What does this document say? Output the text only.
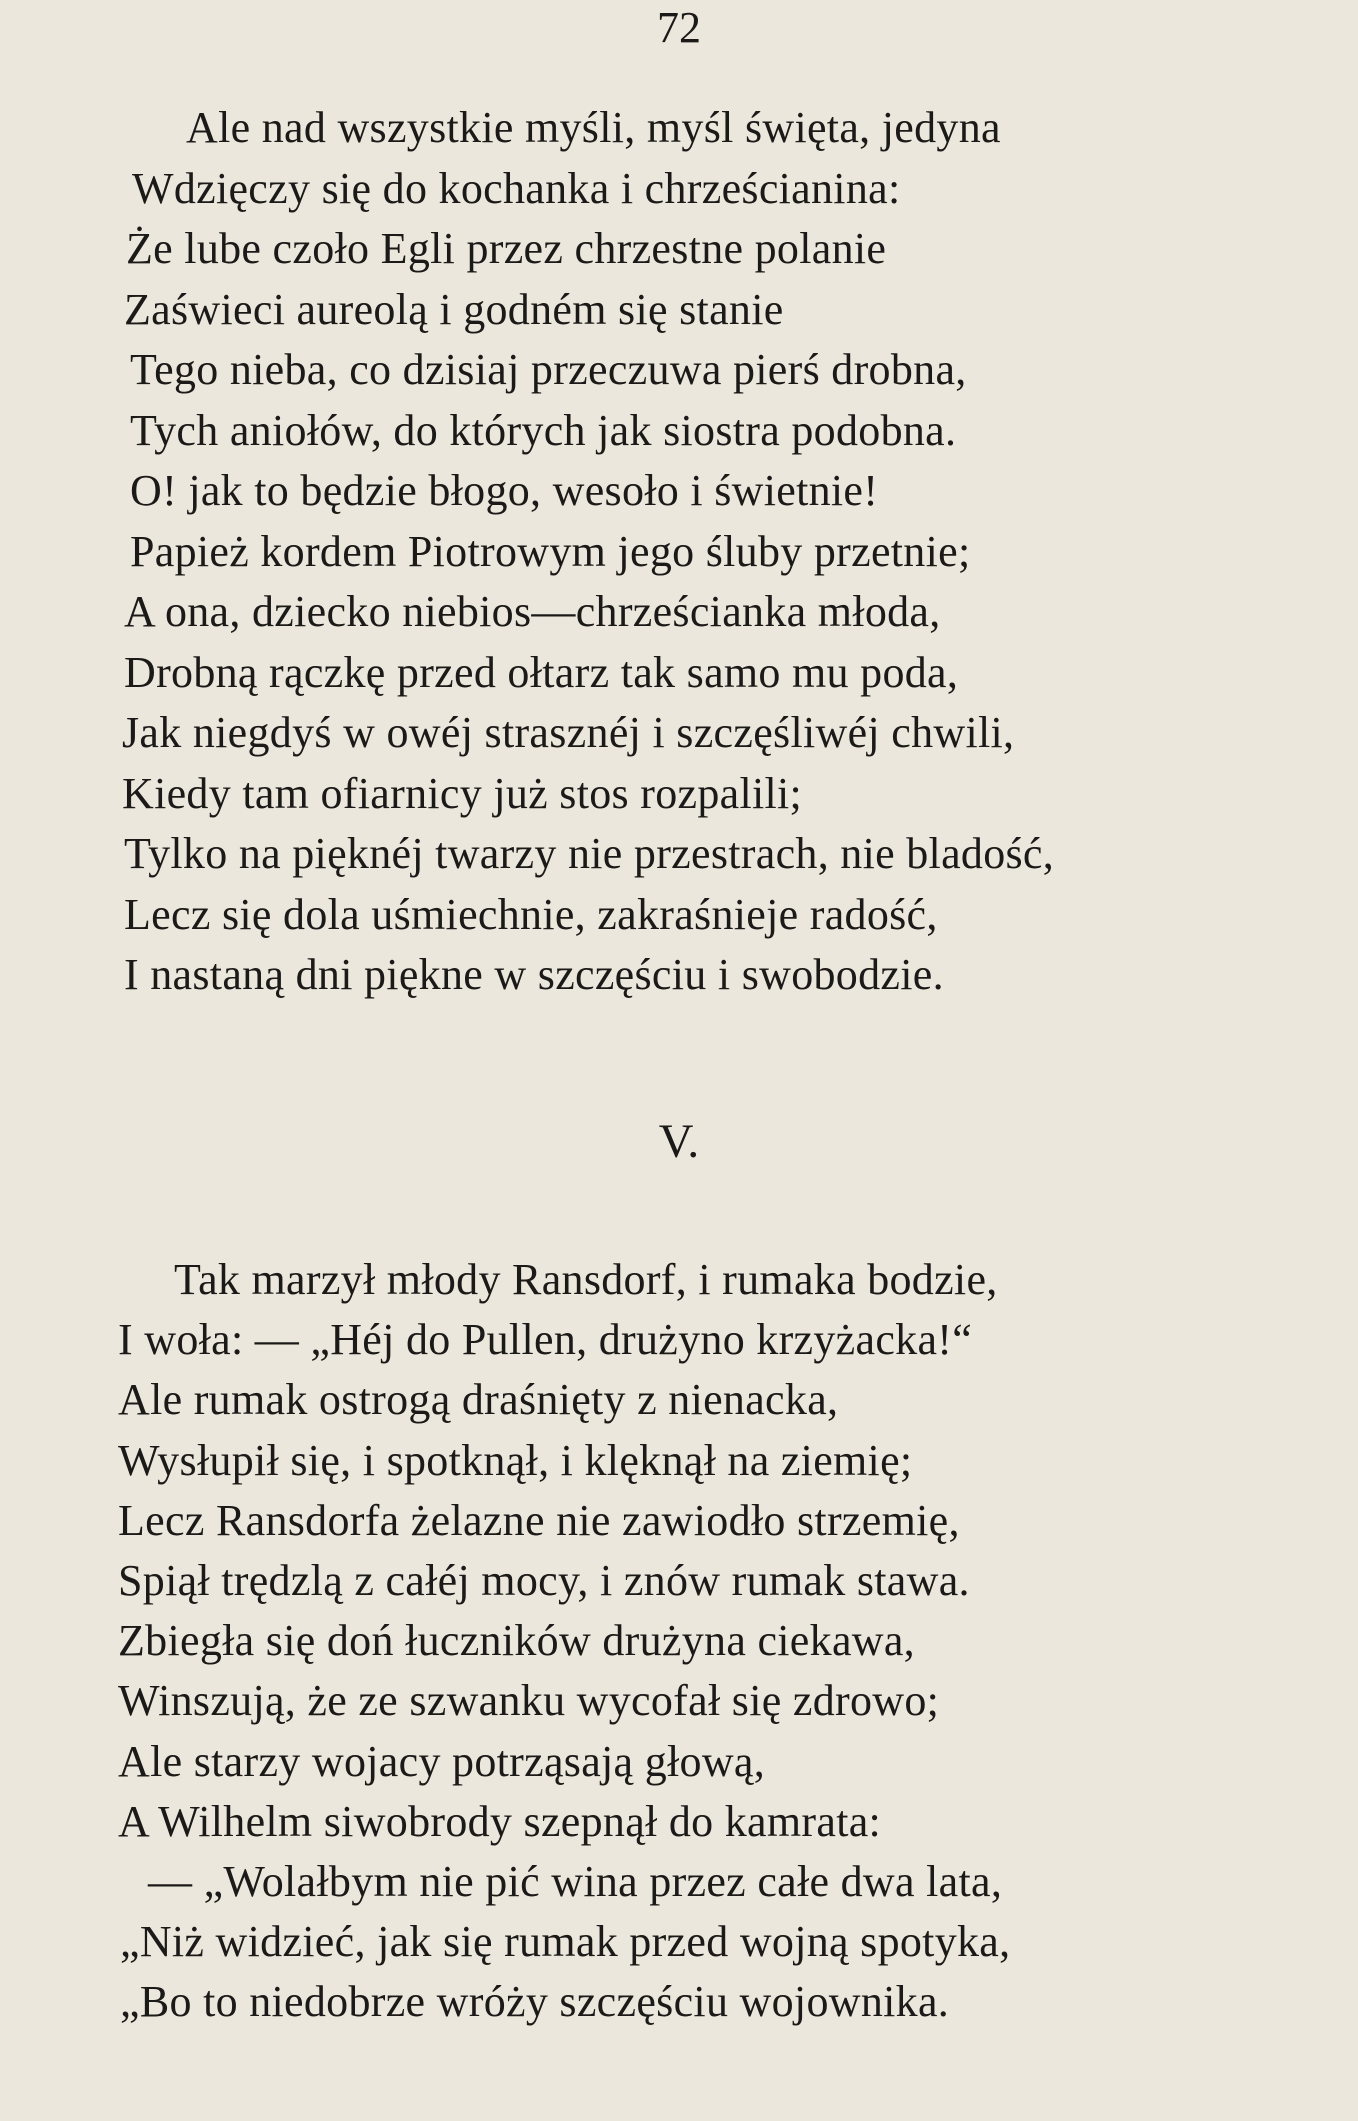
72
Ale nad wszystkie myśli, myśl święta, jedyna
Wdzięczy się do kochanka i chrześcianina:
Że lube czoło Egli przez chrzestne polanie
Zaświeci aureolą i godném się stanie
Tego nieba, co dzisiaj przeczuwa pierś drobna,
Tych aniołów, do których jak siostra podobna.
O! jak to będzie błogo, wesoło i świetnie!
Papież kordem Piotrowym jego śluby przetnie;
A ona, dziecko niebios—chrześcianka młoda,
Drobną rączkę przed ołtarz tak samo mu poda,
Jak niegdyś w owéj strasznéj i szczęśliwéj chwili,
Kiedy tam ofiarnicy już stos rozpalili;
Tylko na pięknéj twarzy nie przestrach, nie bladość,
Lecz się dola uśmiechnie, zakraśnieje radość,
I nastaną dni piękne w szczęściu i swobodzie.
V.
Tak marzył młody Ransdorf, i rumaka bodzie,
I woła: — „Héj do Pullen, drużyno krzyżacka!“
Ale rumak ostrogą draśnięty z nienacka,
Wysłupił się, i spotknął, i klęknął na ziemię;
Lecz Ransdorfa żelazne nie zawiodło strzemię,
Spiął trędzlą z całéj mocy, i znów rumak stawa.
Zbiegła się doń łuczników drużyna ciekawa,
Winszują, że ze szwanku wycofał się zdrowo;
Ale starzy wojacy potrząsają głową,
A Wilhelm siwobrody szepnął do kamrata:
— „Wolałbym nie pić wina przez całe dwa lata,
„Niż widzieć, jak się rumak przed wojną spotyka,
„Bo to niedobrze wróży szczęściu wojownika.
